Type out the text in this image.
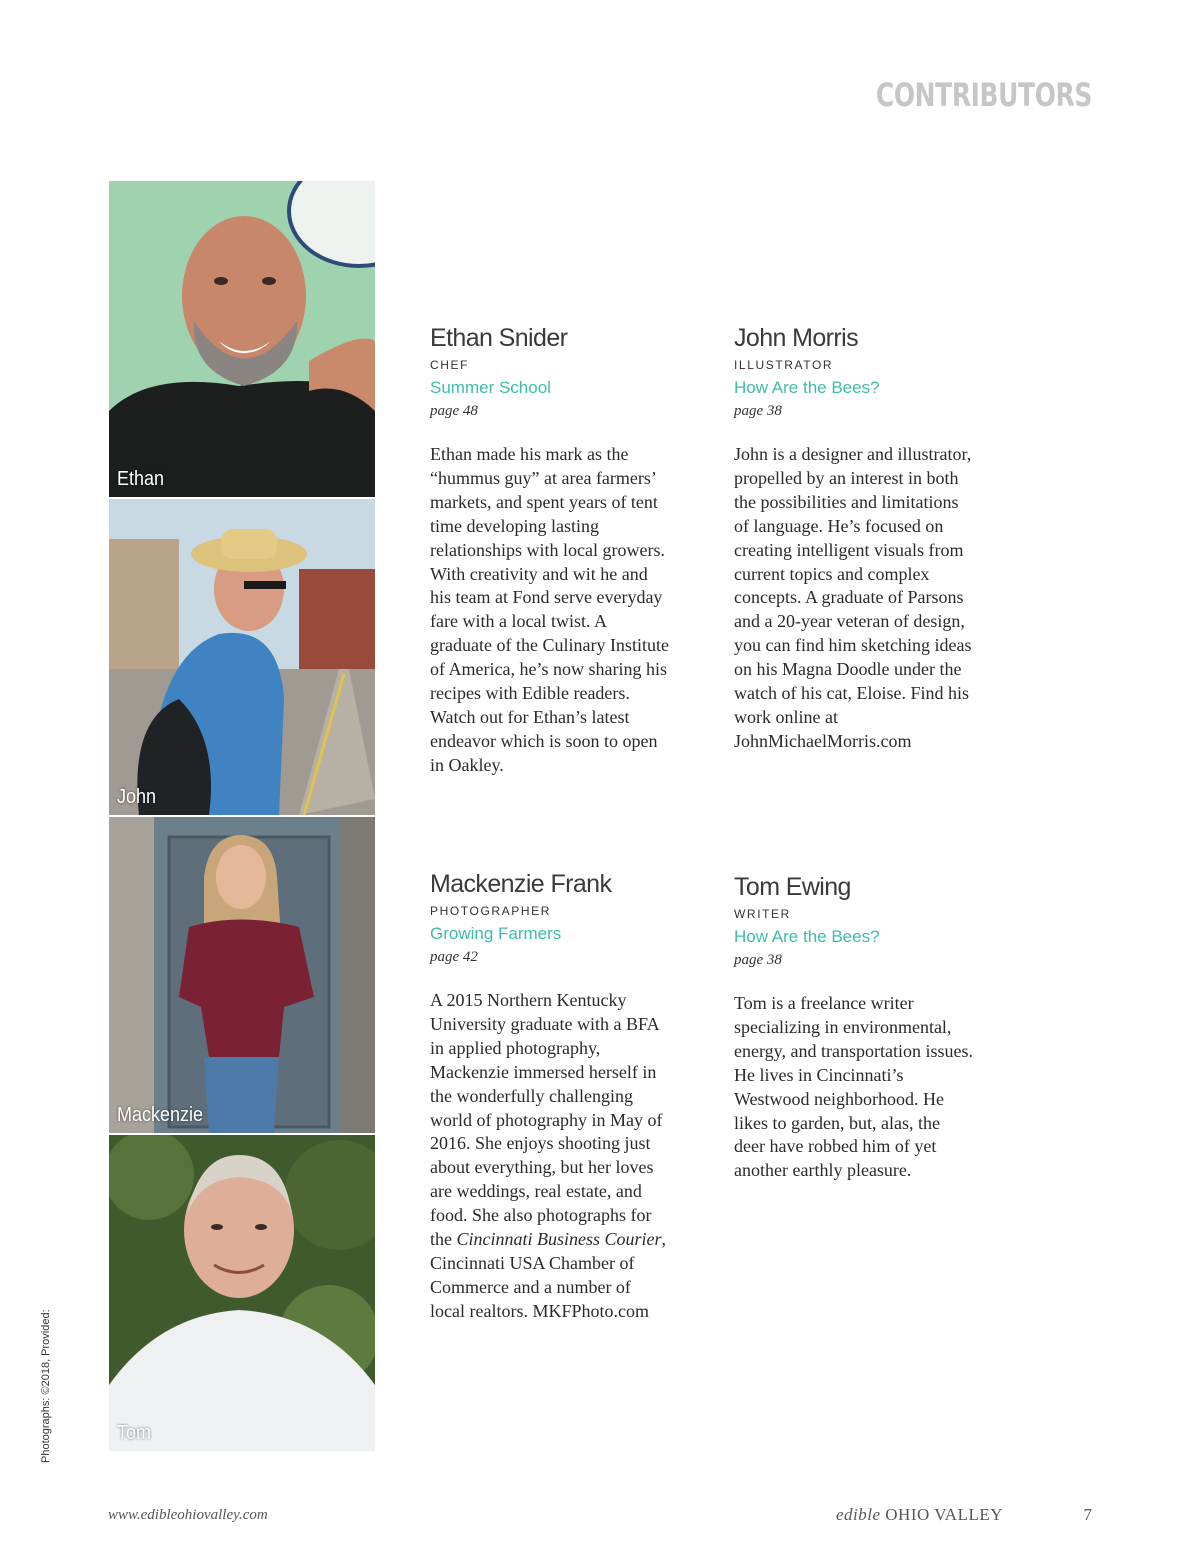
CONTRIBUTORS
Ethan
John
Mackenzie
Tom
Photographs: ©2018, Provided:
Ethan Snider
CHEF
Summer School
page 48
Ethan made his mark as the “hummus guy” at area farmers’ markets, and spent years of tent time developing lasting relationships with local growers. With creativity and wit he and his team at Fond serve everyday fare with a local twist. A graduate of the Culinary Institute of America, he’s now sharing his recipes with Edible readers. Watch out for Ethan’s latest endeavor which is soon to open in Oakley.
John Morris
ILLUSTRATOR
How Are the Bees?
page 38
John is a designer and illustrator, propelled by an interest in both the possibilities and limitations of language. He’s focused on creating intelligent visuals from current topics and complex concepts. A graduate of Parsons and a 20-year veteran of design, you can find him sketching ideas on his Magna Doodle under the watch of his cat, Eloise. Find his work online at JohnMichaelMorris.com
Mackenzie Frank
PHOTOGRAPHER
Growing Farmers
page 42
A 2015 Northern Kentucky University graduate with a BFA in applied photography, Mackenzie immersed herself in the wonderfully challenging world of photography in May of 2016. She enjoys shooting just about everything, but her loves are weddings, real estate, and food. She also photographs for the Cincinnati Business Courier, Cincinnati USA Chamber of Commerce and a number of local realtors. MKFPhoto.com
Tom Ewing
WRITER
How Are the Bees?
page 38
Tom is a freelance writer specializing in environmental, energy, and transportation issues. He lives in Cincinnati’s Westwood neighborhood. He likes to garden, but, alas, the deer have robbed him of yet another earthly pleasure.
www.edibleohiovalley.com	edible OHIO VALLEY	7
